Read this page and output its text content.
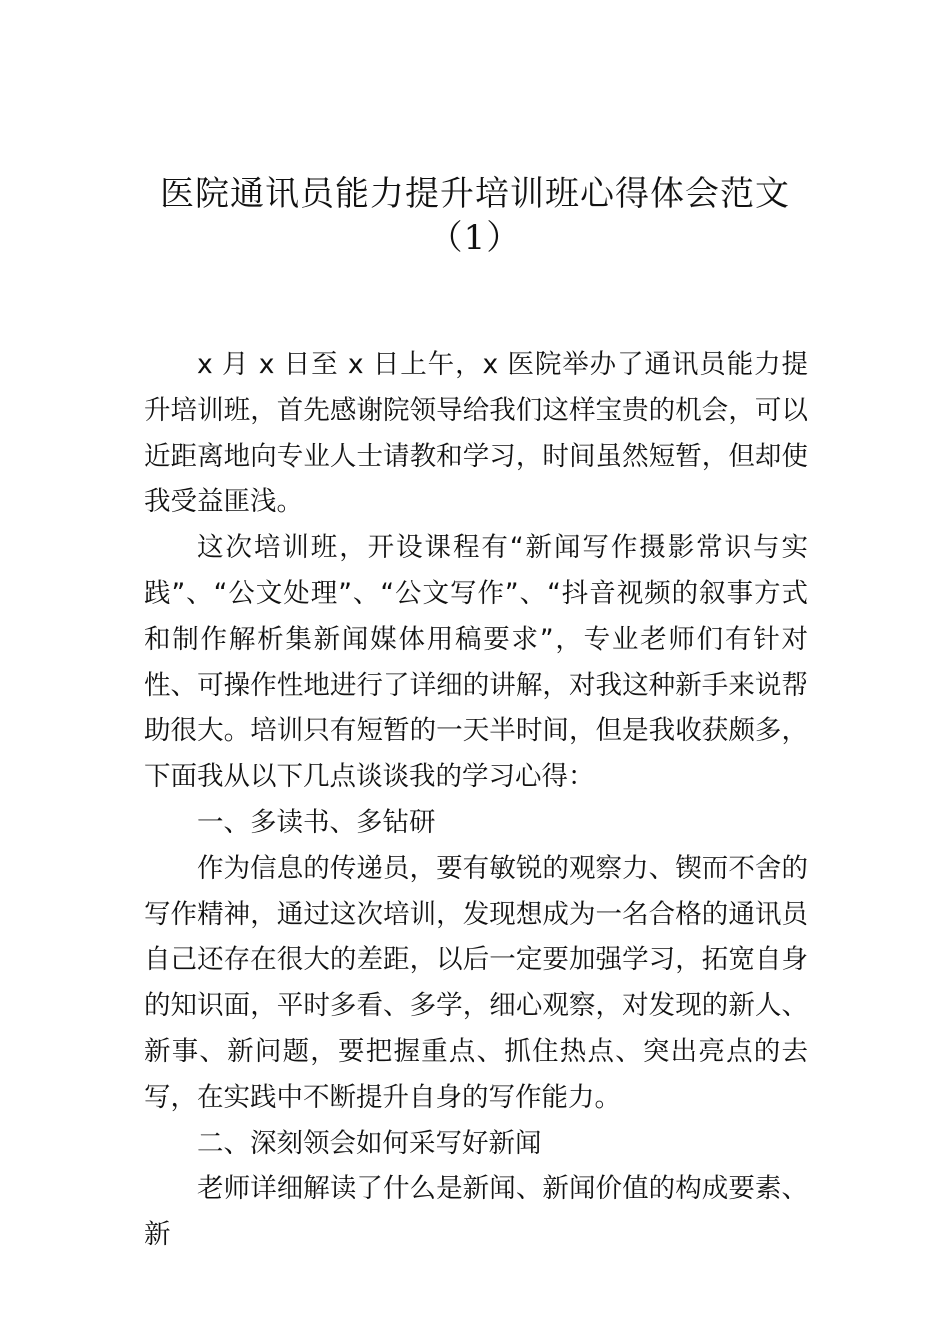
医院通讯员能力提升培训班心得体会范文
（1）

x 月 x 日至 x 日上午，x 医院举办了通讯员能力提升培训班，首先感谢院领导给我们这样宝贵的机会，可以近距离地向专业人士请教和学习，时间虽然短暂，但却使我受益匪浅。

这次培训班，开设课程有“新闻写作摄影常识与实践”、“公文处理”、“公文写作”、“抖音视频的叙事方式和制作解析集新闻媒体用稿要求”，专业老师们有针对性、可操作性地进行了详细的讲解，对我这种新手来说帮助很大。培训只有短暂的一天半时间，但是我收获颇多，下面我从以下几点谈谈我的学习心得：

一、多读书、多钻研

作为信息的传递员，要有敏锐的观察力、锲而不舍的写作精神，通过这次培训，发现想成为一名合格的通讯员自己还存在很大的差距，以后一定要加强学习，拓宽自身的知识面，平时多看、多学，细心观察，对发现的新人、新事、新问题，要把握重点、抓住热点、突出亮点的去写，在实践中不断提升自身的写作能力。

二、深刻领会如何采写好新闻

老师详细解读了什么是新闻、新闻价值的构成要素、新
